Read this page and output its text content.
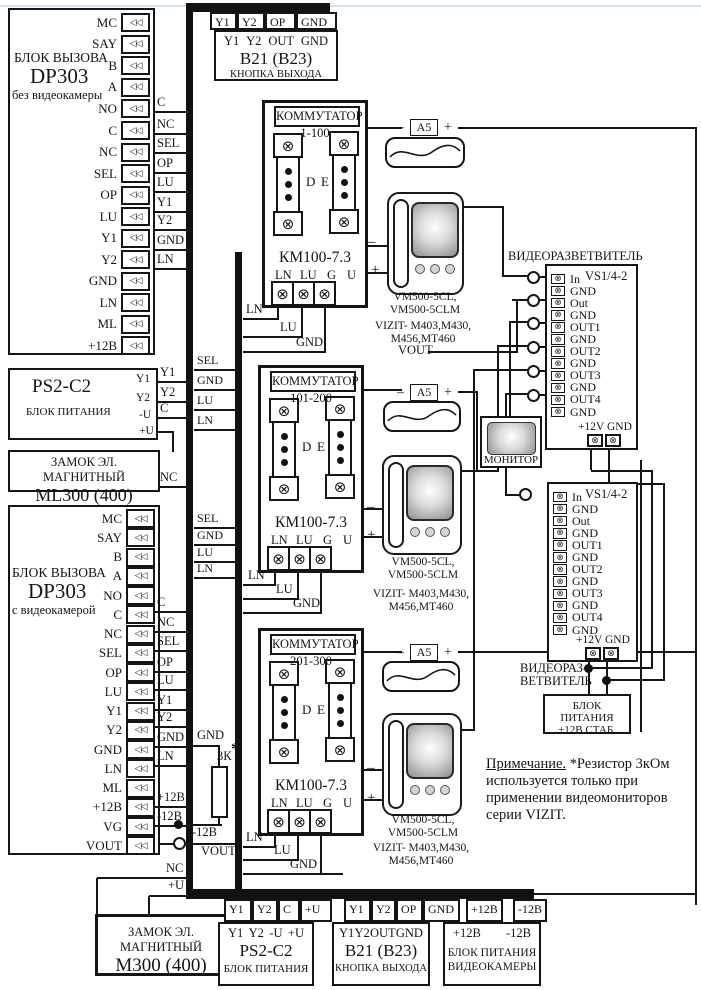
БЛОК ВЫЗОВА
DP303
без видеокамеры
MC	◁◁
SAY	◁◁
B	◁◁
A	◁◁
NO	◁◁
C	◁◁
NC	◁◁
SEL	◁◁
OP	◁◁
LU	◁◁
Y1	◁◁
Y2	◁◁
GND	◁◁
LN	◁◁
ML	◁◁
+12B	◁◁
C
NC
SEL
OP
LU
Y1
Y2
GND
LN
Y1	Y2	OP	GND
Y1 Y2 OUT GND
B21 (B23)
КНОПКА ВЫХОДА
КОММУТАТОР
1-100
⊗
⊗
⊗
⊗
D E
КМ100-7.3
LN LU G U
⊗ ⊗ ⊗
КОММУТАТОР
101-200
⊗
⊗
⊗
⊗
D E
КМ100-7.3
LN LU G U
⊗ ⊗ ⊗
КОММУТАТОР
201-300
⊗
⊗
⊗
⊗
D E
КМ100-7.3
LN LU G U
⊗ ⊗ ⊗
LN
LU
GND
LN
LU
GND
LN
LU
GND
–	A5 +
–	A5 +
–	A5 +
–
+
VM500-5CL,
VM500-5CLM
VIZIT- M403,M430,
M456,MT460
VOUT
–
+
VM500-5CL,
VM500-5CLM
VIZIT- M403,M430,
M456,MT460
–
+
VM500-5CL,
VM500-5CLM
VIZIT- M403,M430,
M456,MT460
ВИДЕОРАЗВЕТВИТЕЛЬ
VS1/4-2
⊗ In
⊗ GND
⊗ Out
⊗ GND
⊗ OUT1
⊗ GND
⊗ OUT2
⊗ GND
⊗ OUT3
⊗ GND
⊗ OUT4
⊗ GND
+12V GND
⊗	⊗
МОНИТОР
VS1/4-2
⊗ In
⊗ GND
⊗ Out
⊗ GND
⊗ OUT1
⊗ GND
⊗ OUT2
⊗ GND
⊗ OUT3
⊗ GND
⊗ OUT4
⊗ GND
+12V GND
⊗	⊗
ВИДЕОРАЗ-
ВЕТВИТЕЛЬ
БЛОК ПИТАНИЯ
+12В СТАБ.
Примечание. *Резистор 3кОм используется только при применении видеомониторов серии VIZIT.
PS2-C2
БЛОК ПИТАНИЯ
Y1
Y2
-U
+U
Y1
Y2
C
NC
ЗАМОК ЭЛ. МАГНИТНЫЙ
ML300 (400)
БЛОК ВЫЗОВА
DP303
с видеокамерой
MC	◁◁
SAY	◁◁
B	◁◁
A	◁◁
NO	◁◁
C	◁◁
NC	◁◁
SEL	◁◁
OP	◁◁
LU	◁◁
Y1	◁◁
Y2	◁◁
GND	◁◁
LN	◁◁
ML	◁◁
+12B	◁◁
VG	◁◁
VOUT	◁◁
C
NC
SEL
OP
LU
Y1
Y2
GND
LN
+12B
-12B
GND
*
3К
-12В
VOUT
SEL
GND
LU
LN
SEL
GND
LU
LN
NC
+U
ЗАМОК ЭЛ. МАГНИТНЫЙ
М300 (400)
Y1	Y2 C	+U
Y1 Y2 -U +U
PS2-C2
БЛОК ПИТАНИЯ
Y1	Y2 OP GND
Y1 Y2 OUT GND
B21 (B23)
КНОПКА ВЫХОДА
+12В	-12В
+12В -12В
БЛОК ПИТАНИЯ
ВИДЕОКАМЕРЫ
